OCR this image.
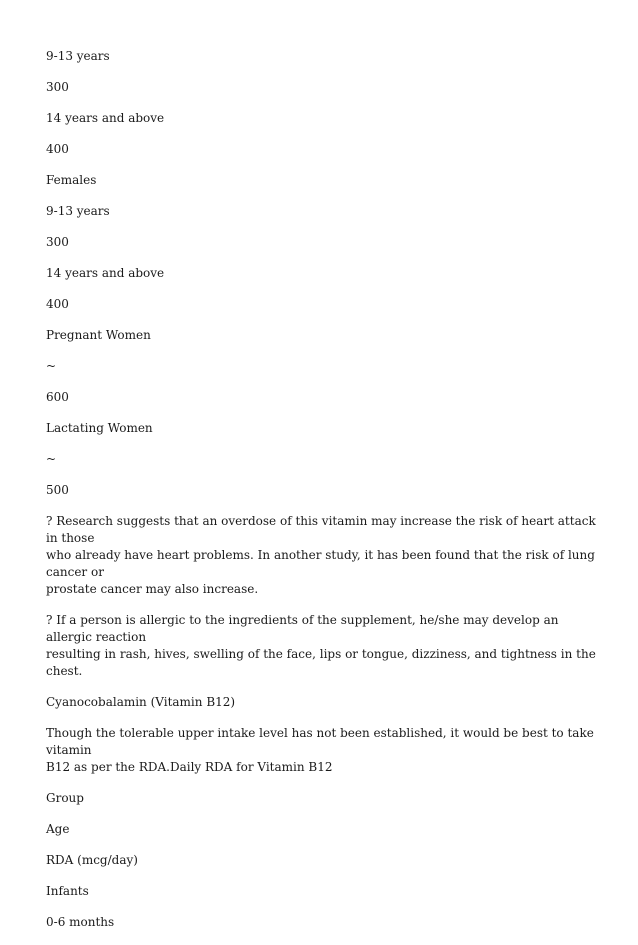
9-13 years
300
14 years and above
400
Females
9-13 years
300
14 years and above
400
Pregnant Women
~
600
Lactating Women
~
500
? Research suggests that an overdose of this vitamin may increase the risk of heart attack in those
who already have heart problems. In another study, it has been found that the risk of lung cancer or
prostate cancer may also increase.
? If a person is allergic to the ingredients of the supplement, he/she may develop an allergic reaction
resulting in rash, hives, swelling of the face, lips or tongue, dizziness, and tightness in the chest.
Cyanocobalamin (Vitamin B12)
Though the tolerable upper intake level has not been established, it would be best to take vitamin
B12 as per the RDA.Daily RDA for Vitamin B12
Group
Age
RDA (mcg/day)
Infants
0-6 months
